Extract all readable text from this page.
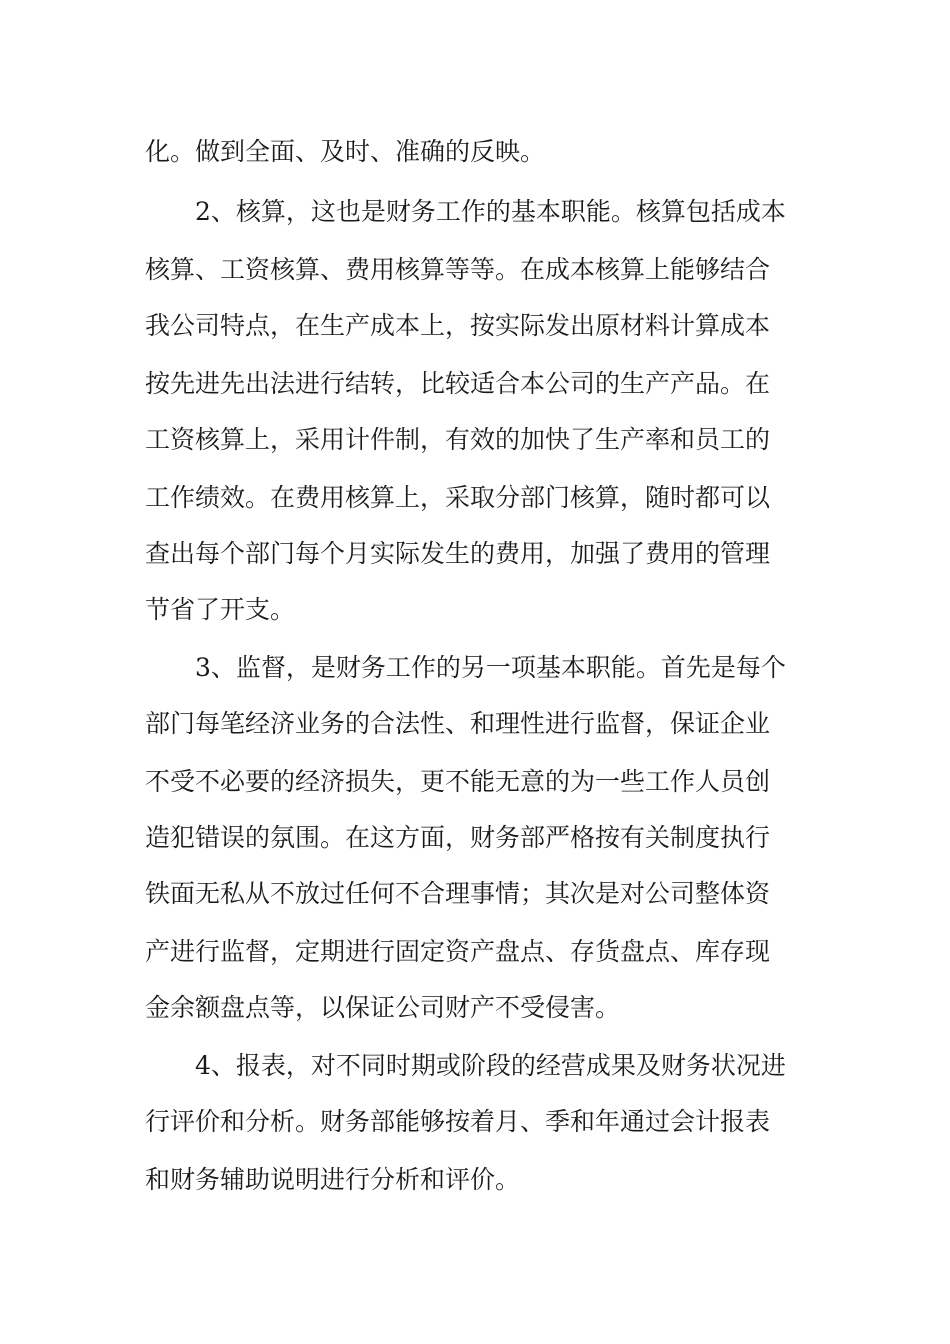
化。做到全面、及时、准确的反映。
2、核算，这也是财务工作的基本职能。核算包括成本
核算、工资核算、费用核算等等。在成本核算上能够结合
我公司特点，在生产成本上，按实际发出原材料计算成本
按先进先出法进行结转，比较适合本公司的生产产品。在
工资核算上，采用计件制，有效的加快了生产率和员工的
工作绩效。在费用核算上，采取分部门核算，随时都可以
查出每个部门每个月实际发生的费用，加强了费用的管理
节省了开支。
3、监督，是财务工作的另一项基本职能。首先是每个
部门每笔经济业务的合法性、和理性进行监督，保证企业
不受不必要的经济损失，更不能无意的为一些工作人员创
造犯错误的氛围。在这方面，财务部严格按有关制度执行
铁面无私从不放过任何不合理事情；其次是对公司整体资
产进行监督，定期进行固定资产盘点、存货盘点、库存现
金余额盘点等，以保证公司财产不受侵害。
4、报表，对不同时期或阶段的经营成果及财务状况进
行评价和分析。财务部能够按着月、季和年通过会计报表
和财务辅助说明进行分析和评价。
